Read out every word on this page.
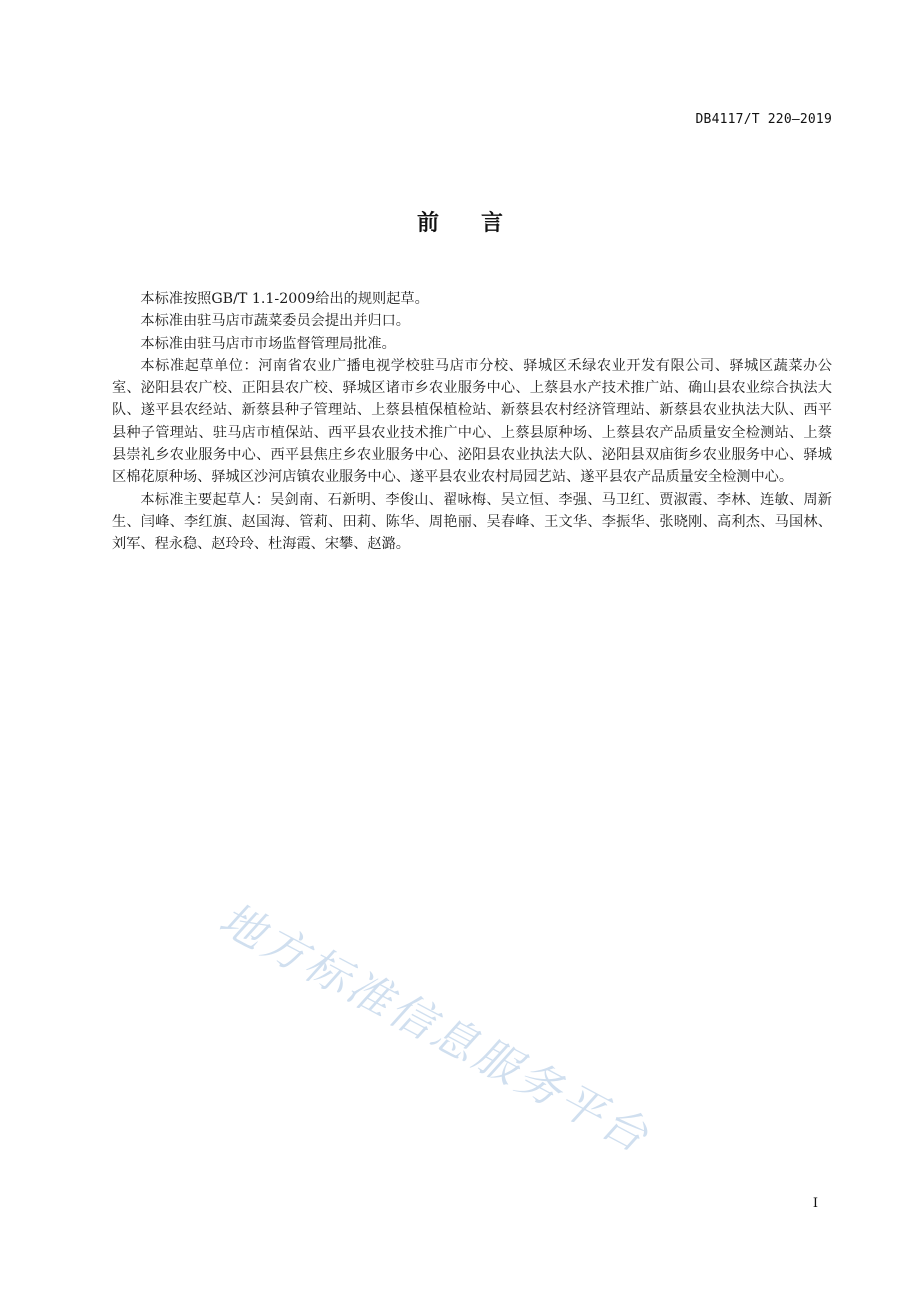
DB4117/T 220—2019
前言

本标准按照GB/T 1.1-2009给出的规则起草。

本标准由驻马店市蔬菜委员会提出并归口。

本标准由驻马店市市场监督管理局批准。

本标准起草单位：河南省农业广播电视学校驻马店市分校、驿城区禾绿农业开发有限公司、驿城区蔬菜办公室、泌阳县农广校、正阳县农广校、驿城区诸市乡农业服务中心、上蔡县水产技术推广站、确山县农业综合执法大队、遂平县农经站、新蔡县种子管理站、上蔡县植保植检站、新蔡县农村经济管理站、新蔡县农业执法大队、西平县种子管理站、驻马店市植保站、西平县农业技术推广中心、上蔡县原种场、上蔡县农产品质量安全检测站、上蔡县崇礼乡农业服务中心、西平县焦庄乡农业服务中心、泌阳县农业执法大队、泌阳县双庙街乡农业服务中心、驿城区棉花原种场、驿城区沙河店镇农业服务中心、遂平县农业农村局园艺站、遂平县农产品质量安全检测中心。

本标准主要起草人：吴剑南、石新明、李俊山、翟咏梅、吴立恒、李强、马卫红、贾淑霞、李林、连敏、周新生、闫峰、李红旗、赵国海、管莉、田莉、陈华、周艳丽、吴春峰、王文华、李振华、张晓刚、高利杰、马国林、刘军、程永稳、赵玲玲、杜海霞、宋攀、赵潞。

地方标准信息服务平台
I
